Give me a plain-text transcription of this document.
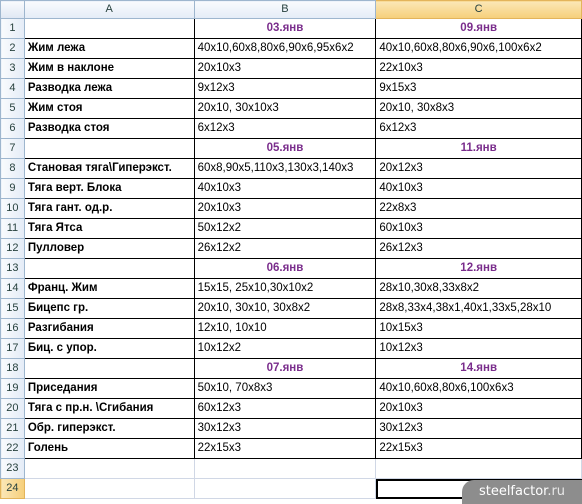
	A	B	C
1		03.янв	09.янв
2	Жим лежа	40x10,60x8,80x6,90x6,95x6x2	40x10,60x8,80x6,90x6,100x6x2
3	Жим в наклоне	20x10x3	22x10x3
4	Разводка лежа	9x12x3	9x15x3
5	Жим стоя	20x10, 30x10x3	20x10, 30x8x3
6	Разводка стоя	6x12x3	6x12x3
7		05.янв	11.янв
8	Становая тяга\Гиперэкст.	60x8,90x5,110x3,130x3,140x3	20x12x3
9	Тяга верт. Блока	40x10x3	40x10x3
10	Тяга гант. од.р.	20x10x3	22x8x3
11	Тяга Ятса	50x12x2	60x10x3
12	Пулловер	26x12x2	26x12x3
13		06.янв	12.янв
14	Франц. Жим	15x15, 25x10,30x10x2	28x10,30x8,33x8x2
15	Бицепс гр.	20x10, 30x10, 30x8x2	28x8,33x4,38x1,40x1,33x5,28x10
16	Разгибания	12x10, 10x10	10x15x3
17	Биц. с упор.	10x12x2	10x12x3
18		07.янв	14.янв
19	Приседания	50x10, 70x8x3	40x10,60x8,80x6,100x6x3
20	Тяга с пр.н. \Сгибания	60x12x3	20x10x3
21	Обр. гиперэкст.	30x12x3	30x12x3
22	Голень	22x15x3	22x15x3
23			
24				steelfactor.ru
